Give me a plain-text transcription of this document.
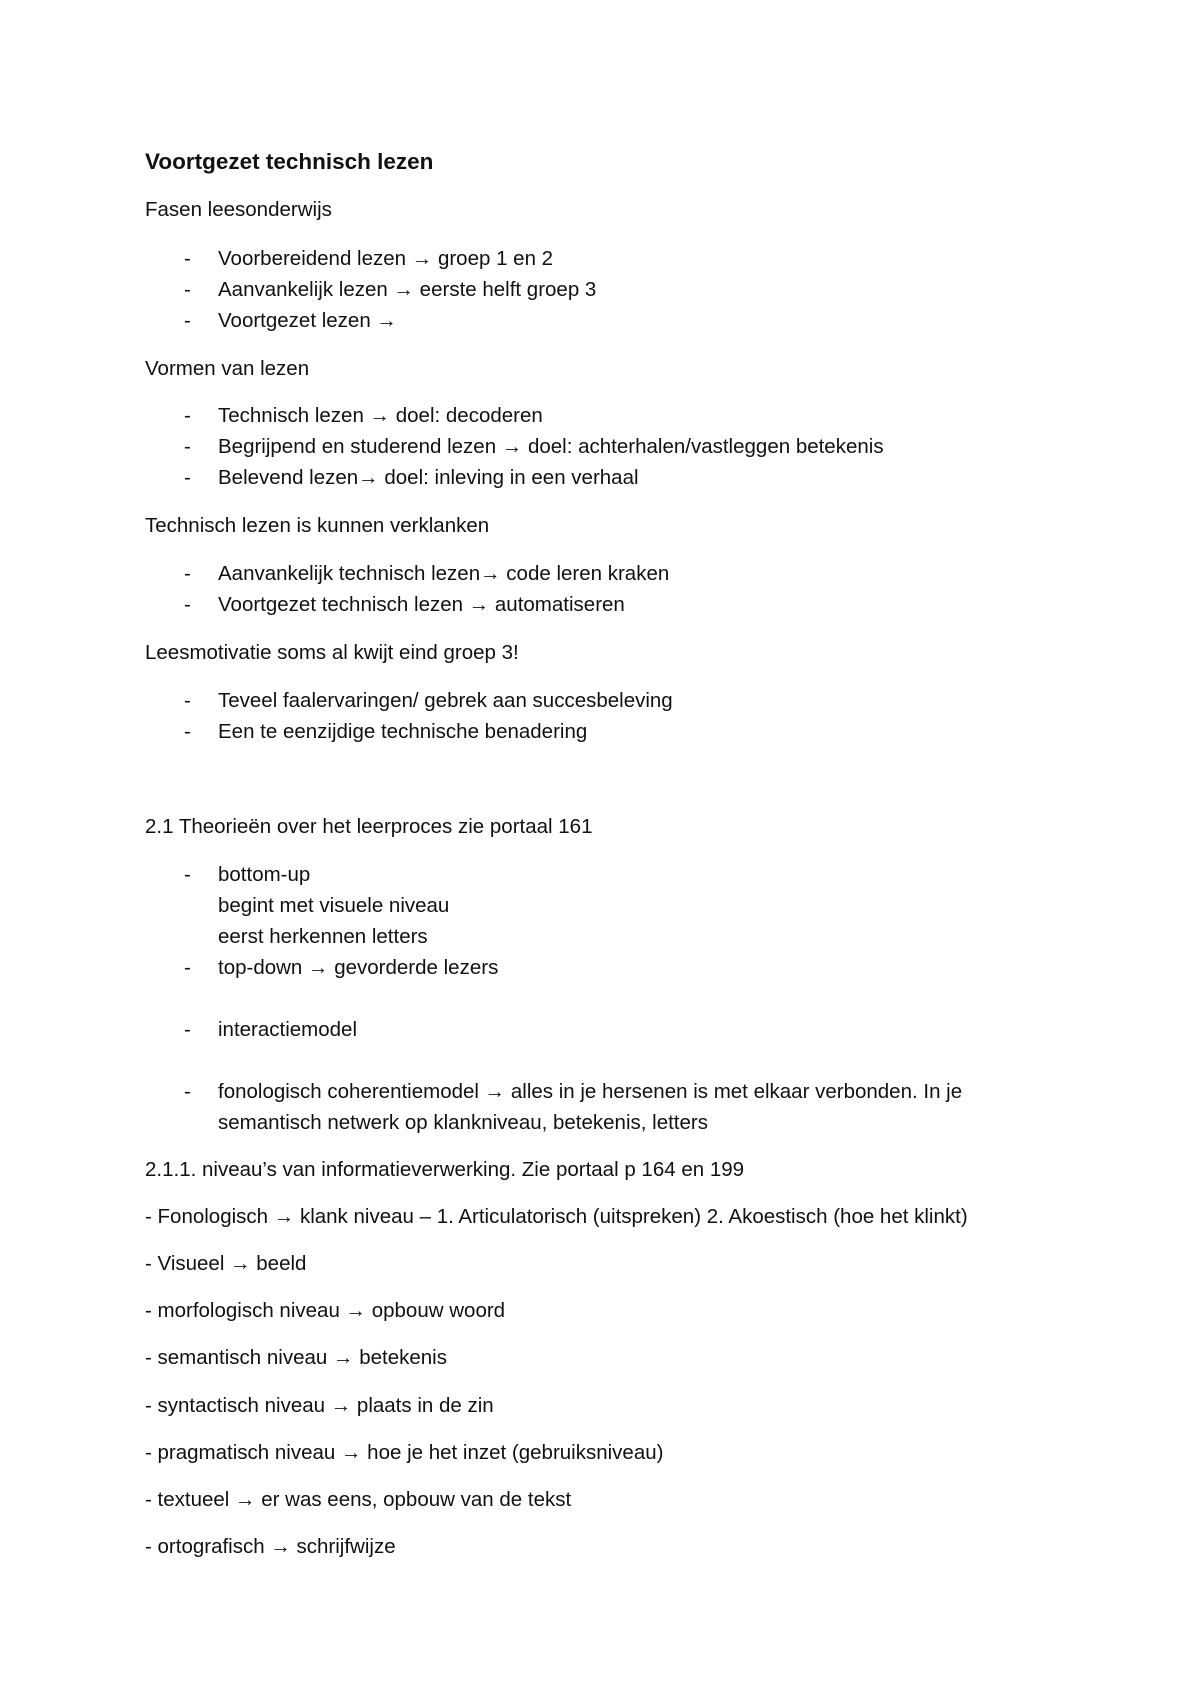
Voortgezet technisch lezen
Fasen leesonderwijs
- Voorbereidend lezen → groep 1 en 2
- Aanvankelijk lezen → eerste helft groep 3
- Voortgezet lezen →
Vormen van lezen
- Technisch lezen → doel: decoderen
- Begrijpend en studerend lezen → doel: achterhalen/vastleggen betekenis
- Belevend lezen→ doel: inleving in een verhaal
Technisch lezen is kunnen verklanken
- Aanvankelijk technisch lezen→ code leren kraken
- Voortgezet technisch lezen → automatiseren
Leesmotivatie soms al kwijt eind groep 3!
- Teveel faalervaringen/ gebrek aan succesbeleving
- Een te eenzijdige technische benadering
2.1 Theorieën over het leerproces zie portaal 161
- bottom-up
begint met visuele niveau
eerst herkennen letters
- top-down → gevorderde lezers
- interactiemodel
- fonologisch coherentiemodel → alles in je hersenen is met elkaar verbonden. In je
semantisch netwerk op klankniveau, betekenis, letters
2.1.1. niveau’s van informatieverwerking. Zie portaal p 164 en 199
- Fonologisch → klank niveau – 1. Articulatorisch (uitspreken) 2. Akoestisch (hoe het klinkt)
- Visueel → beeld
- morfologisch niveau → opbouw woord
- semantisch niveau → betekenis
- syntactisch niveau → plaats in de zin
- pragmatisch niveau → hoe je het inzet (gebruiksniveau)
- textueel → er was eens, opbouw van de tekst
- ortografisch → schrijfwijze
